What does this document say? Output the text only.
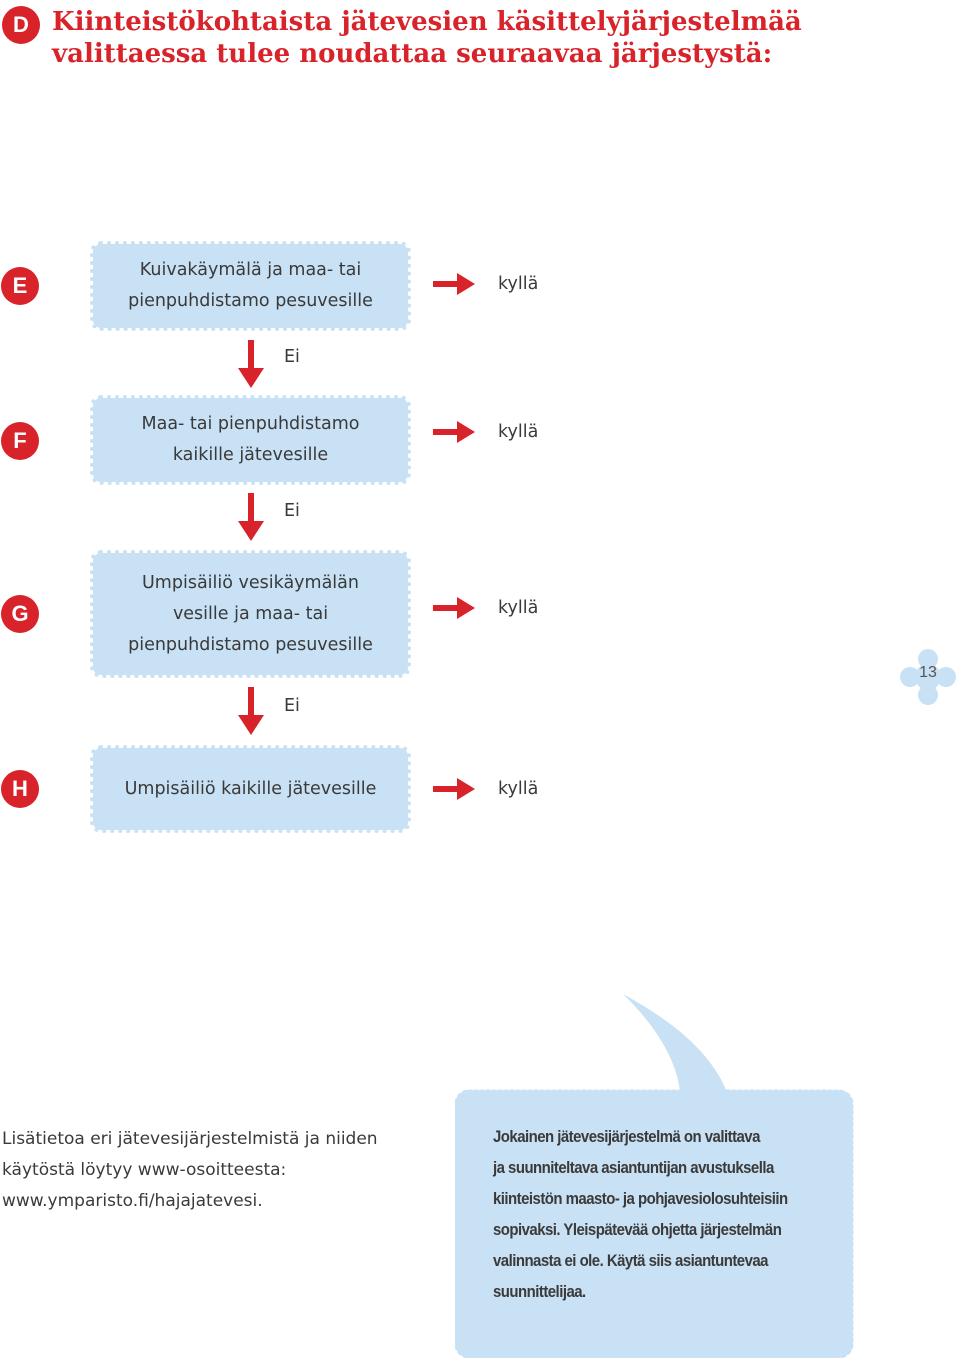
D Kiinteistökohtaista jätevesien käsittelyjärjestelmää
valittaessa tulee noudattaa seuraavaa järjestystä:
E
Kuivakäymälä ja maa- tai
pienpuhdistamo pesuvesille
kyllä
Ei
F
Maa- tai pienpuhdistamo
kaikille jätevesille
kyllä
Ei
G
Umpisäiliö vesikäymälän
vesille ja maa- tai
pienpuhdistamo pesuvesille
kyllä
Ei
H	Umpisäiliö kaikille jätevesille	kyllä
13
Lisätietoa eri jätevesijärjestelmistä ja niiden
käytöstä löytyy www-osoitteesta:
www.ymparisto.fi/hajajatevesi.
Jokainen jätevesijärjestelmä on valittava
ja suunniteltava asiantuntijan avustuksella
kiinteistön maasto- ja pohjavesiolosuhteisiin
sopivaksi. Yleispätevää ohjetta järjestelmän
valinnasta ei ole. Käytä siis asiantuntevaa
suunnittelijaa.
